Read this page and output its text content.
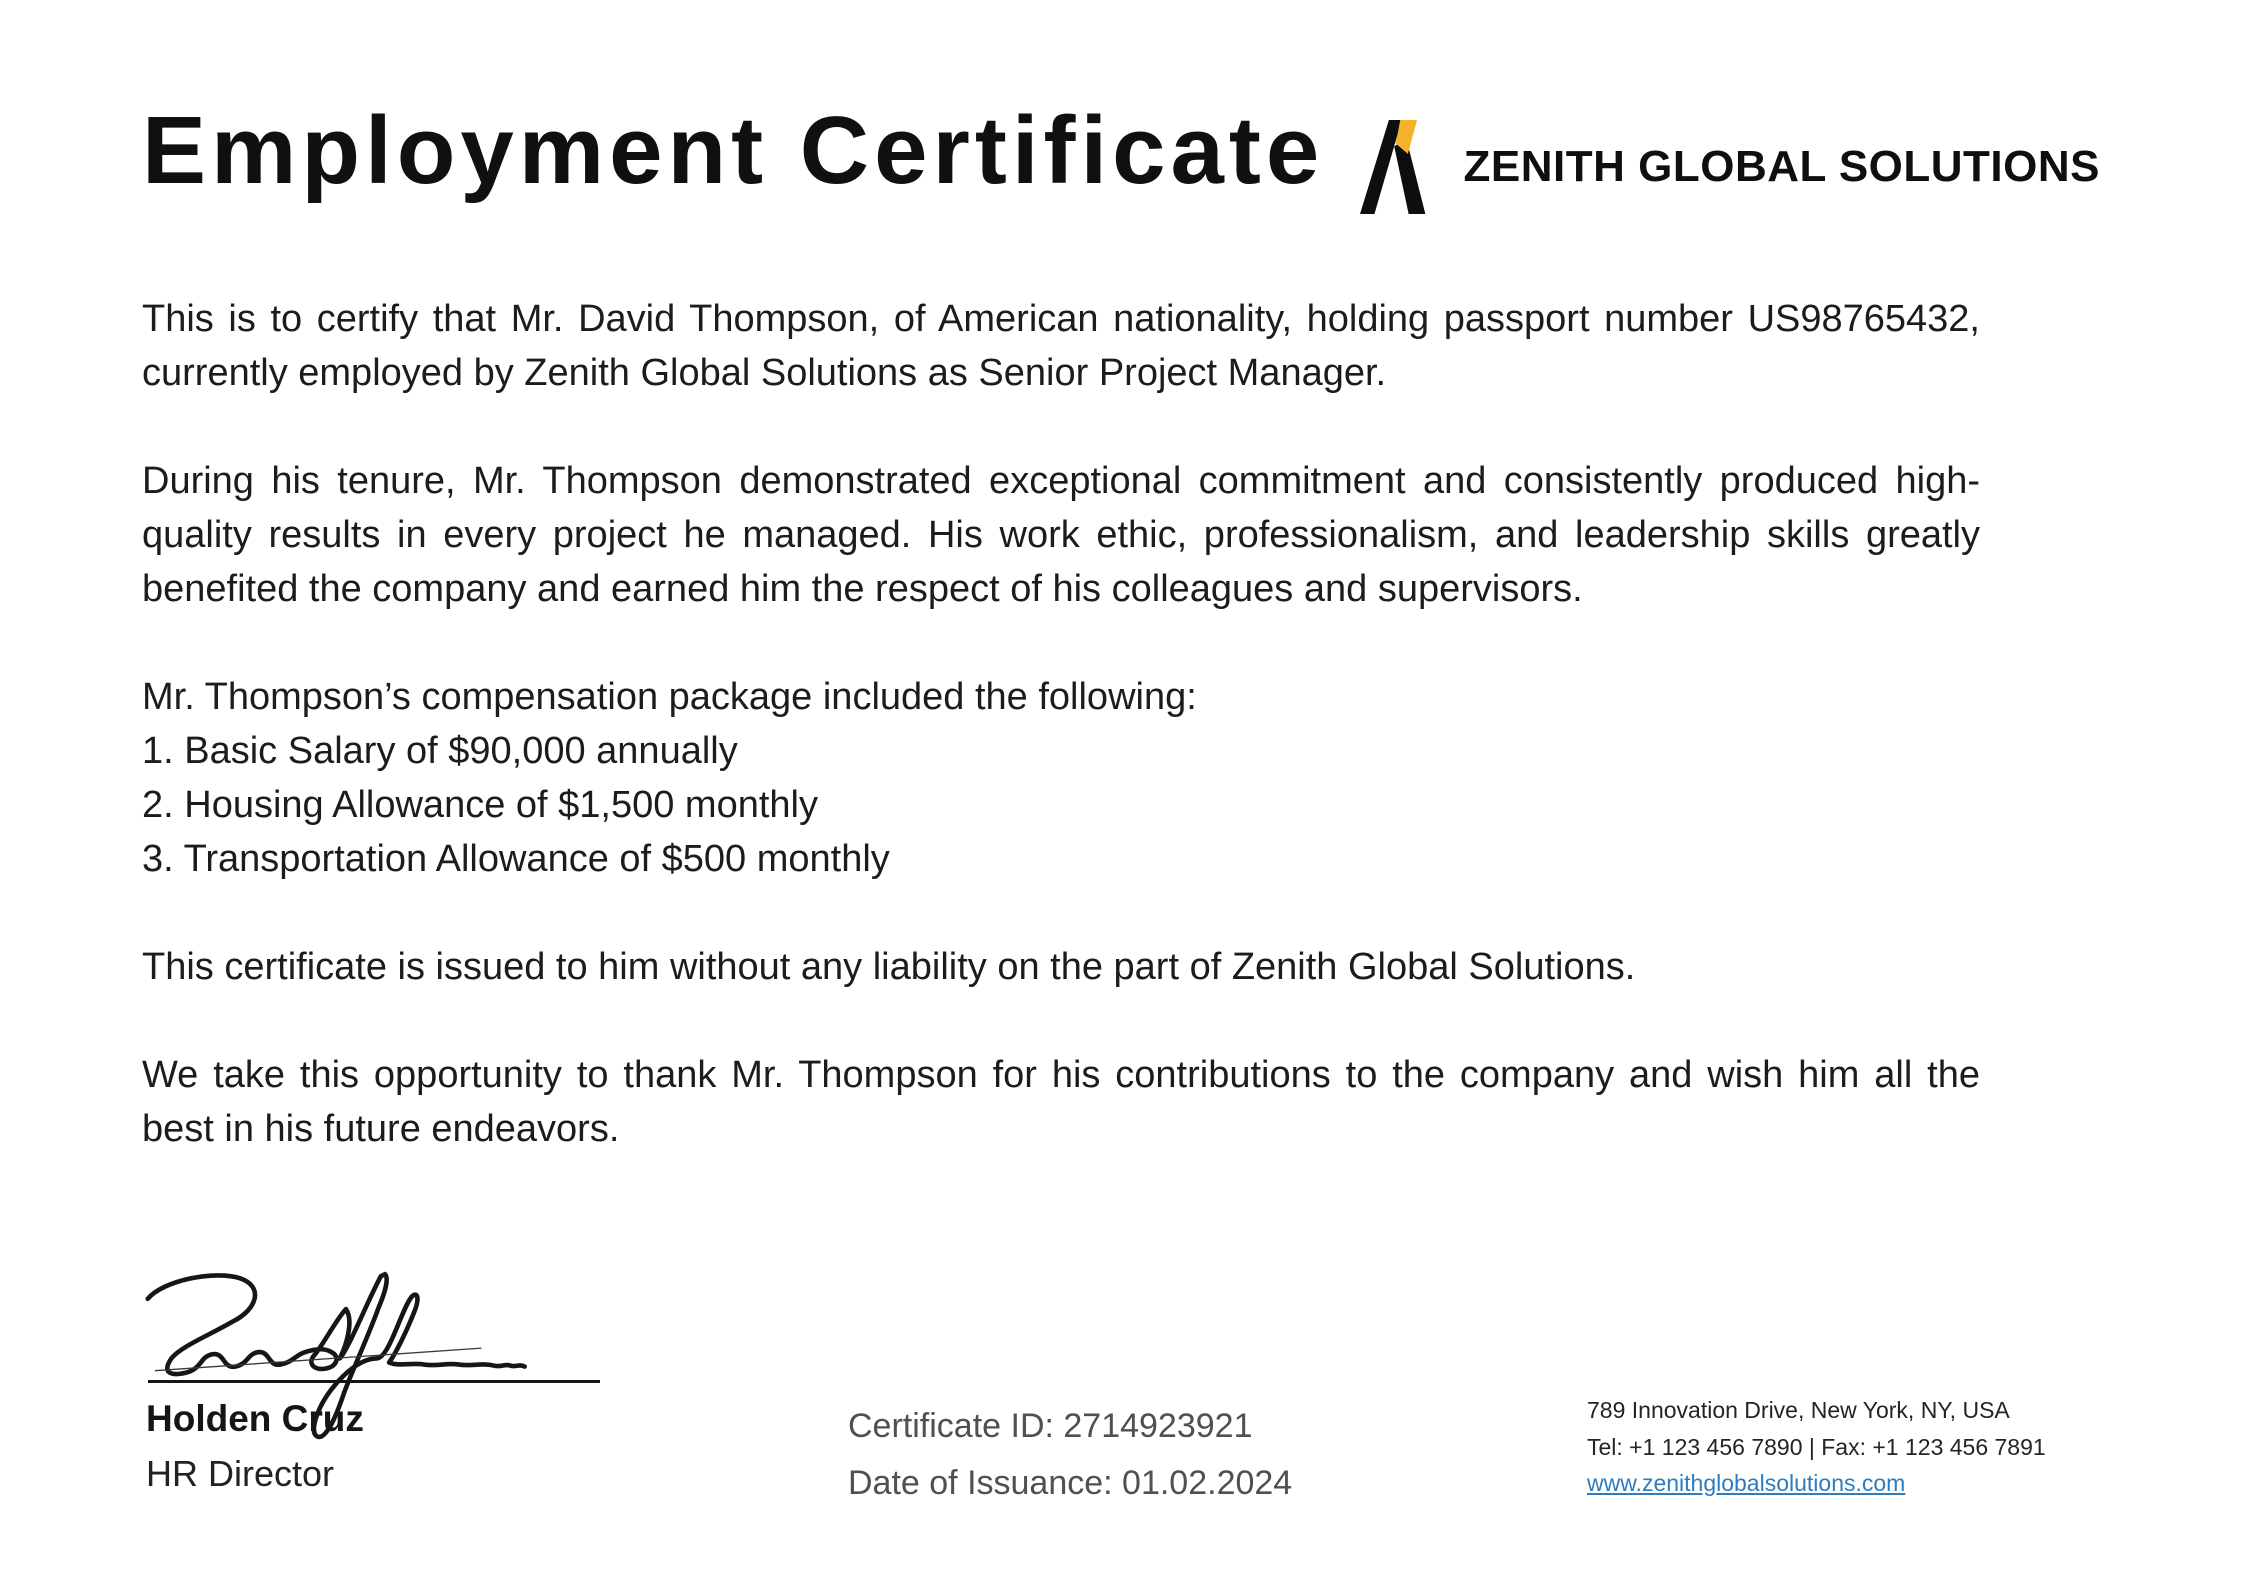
Employment Certificate	ZENITH GLOBAL SOLUTIONS

This is to certify that Mr. David Thompson, of American nationality, holding passport number US98765432, currently employed by Zenith Global Solutions as Senior Project Manager.

During his tenure, Mr. Thompson demonstrated exceptional commitment and consistently produced high-quality results in every project he managed. His work ethic, professionalism, and leadership skills greatly benefited the company and earned him the respect of his colleagues and supervisors.

Mr. Thompson’s compensation package included the following:
1. Basic Salary of $90,000 annually
2. Housing Allowance of $1,500 monthly
3. Transportation Allowance of $500 monthly

This certificate is issued to him without any liability on the part of Zenith Global Solutions.

We take this opportunity to thank Mr. Thompson for his contributions to the company and wish him all the best in his future endeavors.

Holden Cruz
HR Director
Certificate ID: 2714923921
Date of Issuance: 01.02.2024
789 Innovation Drive, New York, NY, USA
Tel: +1 123 456 7890 | Fax: +1 123 456 7891
www.zenithglobalsolutions.com
